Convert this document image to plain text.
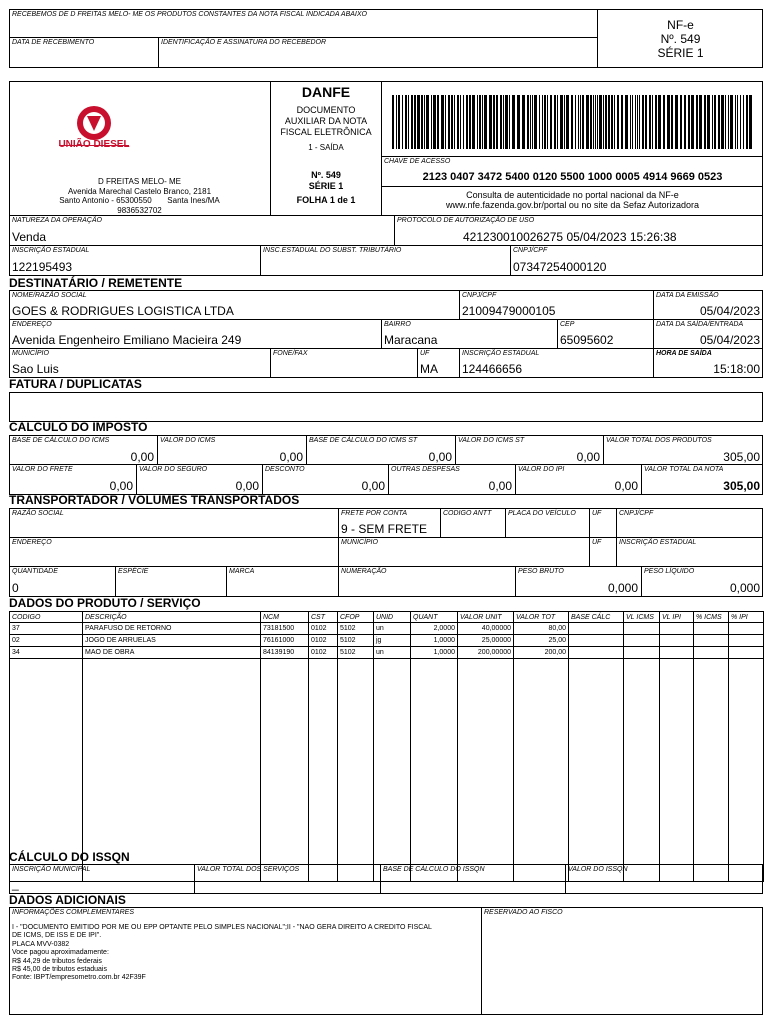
RECEBEMOS DE D FREITAS MELO- ME OS PRODUTOS CONSTANTES DA NOTA FISCAL INDICADA ABAIXO
DATA DE RECEBIMENTO	IDENTIFICAÇÃO E ASSINATURA DO RECEBEDOR
NF-e
Nº. 549
SÉRIE 1
UNIÃO DIESEL
D FREITAS MELO- ME
Avenida Marechal Castelo Branco, 2181
Santo Antonio - 65300550 Santa Ines/MA
9836532702
DANFE
DOCUMENTO
AUXILIAR DA NOTA
FISCAL ELETRÔNICA
1 - SAÍDA
Nº. 549
SÉRIE 1
FOLHA 1 de 1
CHAVE DE ACESSO
2123 0407 3472 5400 0120 5500 1000 0005 4914 9669 0523
Consulta de autenticidade no portal nacional da NF-e
www.nfe.fazenda.gov.br/portal ou no site da Sefaz Autorizadora
NATUREZA DA OPERAÇÃO
Venda
PROTOCOLO DE AUTORIZAÇÃO DE USO
421230010026275 05/04/2023 15:26:38
INSCRIÇÃO ESTADUAL
122195493
INSC.ESTADUAL DO SUBST. TRIBUTÁRIO	CNPJ/CPF
07347254000120
DESTINATÁRIO / REMETENTE
NOME/RAZÃO SOCIAL
GOES & RODRIGUES LOGISTICA LTDA
CNPJ/CPF
21009479000105
DATA DA EMISSÃO
05/04/2023
ENDEREÇO
Avenida Engenheiro Emiliano Macieira 249
BAIRRO
Maracana
CEP
65095602
DATA DA SAÍDA/ENTRADA
05/04/2023
MUNICÍPIO
Sao Luis
FONE/FAX	UF
MA
INSCRIÇÃO ESTADUAL
124466656
HORA DE SAÍDA
15:18:00
FATURA / DUPLICATAS
CALCULO DO IMPOSTO
BASE DE CÁLCULO DO ICMS
0,00
VALOR DO ICMS
0,00
BASE DE CÁLCULO DO ICMS ST
0,00
VALOR DO ICMS ST
0,00
VALOR TOTAL DOS PRODUTOS
305,00
VALOR DO FRETE
0,00
VALOR DO SEGURO
0,00
DESCONTO
0,00
OUTRAS DESPESAS
0,00
VALOR DO IPI
0,00
VALOR TOTAL DA NOTA
305,00
TRANSPORTADOR / VOLUMES TRANSPORTADOS
RAZÃO SOCIAL	FRETE POR CONTA
9 - SEM FRETE
CODIGO ANTT PLACA DO VEÍCULO UF	CNPJ/CPF
ENDEREÇO	MUNICÍPIO	UF	INSCRIÇÃO ESTADUAL
QUANTIDADE
0
ESPÉCIE	MARCA	NUMERAÇÃO	PESO BRUTO
0,000
PESO LÍQUIDO
0,000
DADOS DO PRODUTO / SERVIÇO
CODIGO	DESCRIÇÃO	NCM	CST	CFOP	UNID	QUANT	VALOR UNIT	VALOR TOT	BASE CÁLC	VL ICMS	VL IPI	% ICMS	% IPI
37	PARAFUSO DE RETORNO	73181500	0102	5102	un	2,0000	40,00000	80,00					
02	JOGO DE ARRUELAS	76161000	0102	5102	jg	1,0000	25,00000	25,00					
34	MAO DE OBRA	84139190	0102	5102	un	1,0000	200,00000	200,00					

CÁLCULO DO ISSQN
INSCRIÇÃO MUNICIPAL
_
VALOR TOTAL DOS SERVIÇOS	BASE DE CÁLCULO DO ISSQN	VALOR DO ISSQN
DADOS ADICIONAIS
INFORMAÇÕES COMPLEMENTARES	RESERVADO AO FISCO
I - "DOCUMENTO EMITIDO POR ME OU EPP OPTANTE PELO SIMPLES NACIONAL";II - "NAO GERA DIREITO A CREDITO FISCAL
DE ICMS, DE ISS E DE IPI".
PLACA MVV-0382
Voce pagou aproximadamente:
R$ 44,29 de tributos federais
R$ 45,00 de tributos estaduais
Fonte: IBPT/empresometro.com.br 42F39F
